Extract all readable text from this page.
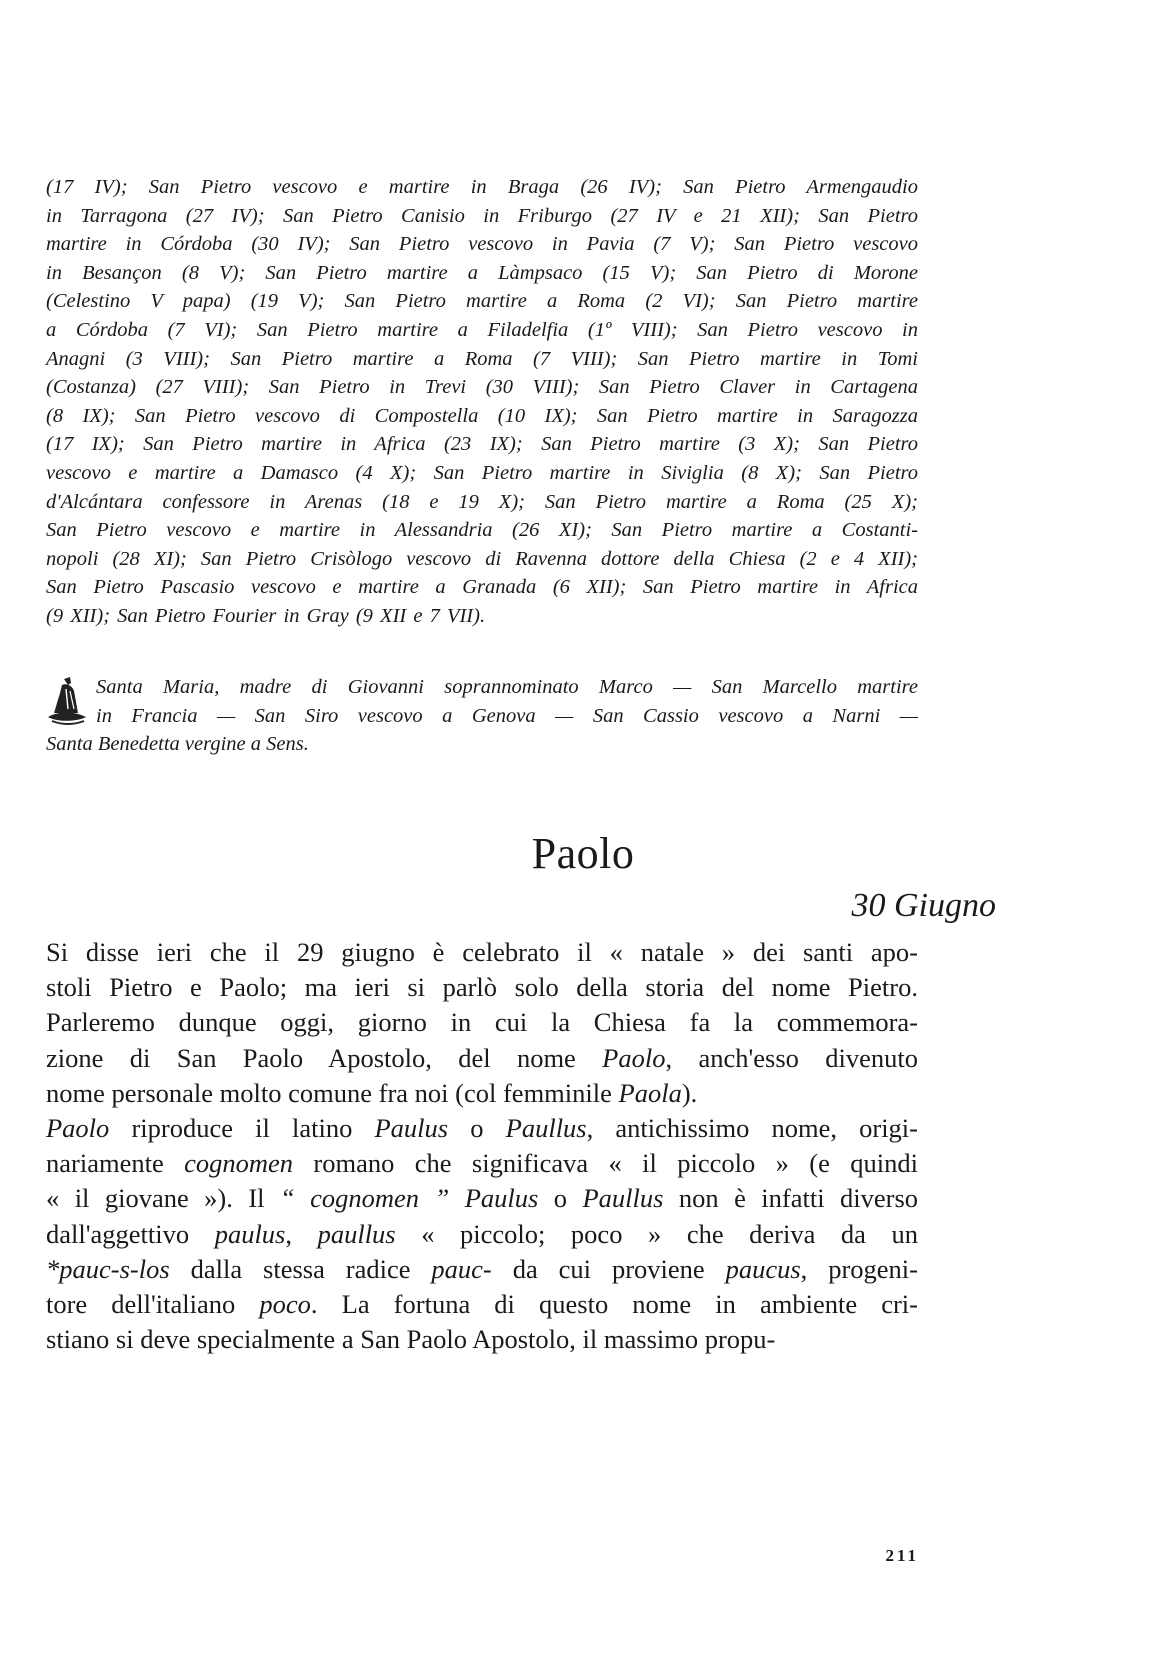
(17 IV); San Pietro vescovo e martire in Braga (26 IV); San Pietro Armengaudio
in Tarragona (27 IV); San Pietro Canisio in Friburgo (27 IV e 21 XII); San Pietro
martire in Córdoba (30 IV); San Pietro vescovo in Pavia (7 V); San Pietro vescovo
in Besançon (8 V); San Pietro martire a Làmpsaco (15 V); San Pietro di Morone
(Celestino V papa) (19 V); San Pietro martire a Roma (2 VI); San Pietro martire
a Córdoba (7 VI); San Pietro martire a Filadelfia (1º VIII); San Pietro vescovo in
Anagni (3 VIII); San Pietro martire a Roma (7 VIII); San Pietro martire in Tomi
(Costanza) (27 VIII); San Pietro in Trevi (30 VIII); San Pietro Claver in Cartagena
(8 IX); San Pietro vescovo di Compostella (10 IX); San Pietro martire in Saragozza
(17 IX); San Pietro martire in Africa (23 IX); San Pietro martire (3 X); San Pietro
vescovo e martire a Damasco (4 X); San Pietro martire in Siviglia (8 X); San Pietro
d'Alcántara confessore in Arenas (18 e 19 X); San Pietro martire a Roma (25 X);
San Pietro vescovo e martire in Alessandria (26 XI); San Pietro martire a Costanti-
nopoli (28 XI); San Pietro Crisòlogo vescovo di Ravenna dottore della Chiesa (2 e 4 XII);
San Pietro Pascasio vescovo e martire a Granada (6 XII); San Pietro martire in Africa
(9 XII); San Pietro Fourier in Gray (9 XII e 7 VII).
Santa Maria, madre di Giovanni soprannominato Marco — San Marcello martire
in Francia — San Siro vescovo a Genova — San Cassio vescovo a Narni —
Santa Benedetta vergine a Sens.
Paolo
30 Giugno
Si disse ieri che il 29 giugno è celebrato il « natale » dei santi apo-
stoli Pietro e Paolo; ma ieri si parlò solo della storia del nome Pietro.
Parleremo dunque oggi, giorno in cui la Chiesa fa la commemora-
zione di San Paolo Apostolo, del nome Paolo, anch'esso divenuto
nome personale molto comune fra noi (col femminile Paola).
Paolo riproduce il latino Paulus o Paullus, antichissimo nome, origi-
nariamente cognomen romano che significava « il piccolo » (e quindi
« il giovane »). Il “ cognomen ” Paulus o Paullus non è infatti diverso
dall'aggettivo paulus, paullus « piccolo; poco » che deriva da un
*pauc-s-los dalla stessa radice pauc- da cui proviene paucus, progeni-
tore dell'italiano poco. La fortuna di questo nome in ambiente cri-
stiano si deve specialmente a San Paolo Apostolo, il massimo propu-
211
